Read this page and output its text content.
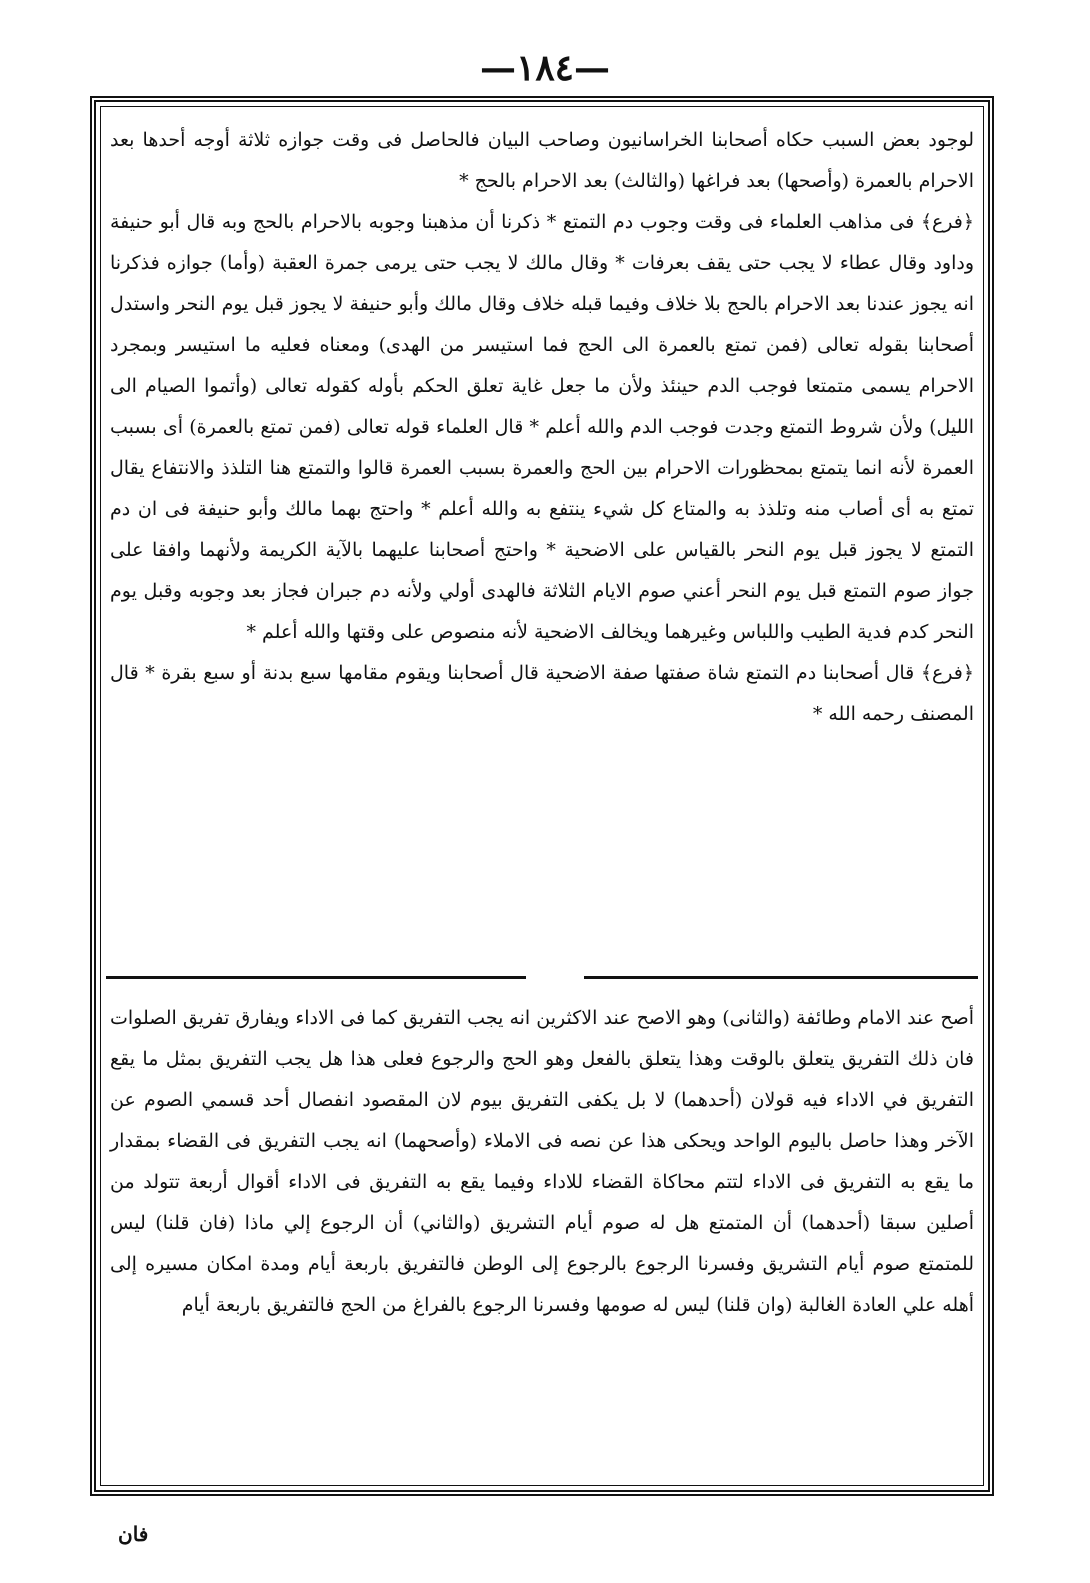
—١٨٤—

لوجود بعض السبب حكاه أصحابنا الخراسانيون وصاحب البيان فالحاصل فى وقت جوازه ثلاثة أوجه أحدها بعد الاحرام بالعمرة (وأصحها) بعد فراغها (والثالث) بعد الاحرام بالحج *

﴿فرع﴾ فى مذاهب العلماء فى وقت وجوب دم التمتع * ذكرنا أن مذهبنا وجوبه بالاحرام بالحج وبه قال أبو حنيفة وداود وقال عطاء لا يجب حتى يقف بعرفات * وقال مالك لا يجب حتى يرمى جمرة العقبة (وأما) جوازه فذكرنا انه يجوز عندنا بعد الاحرام بالحج بلا خلاف وفيما قبله خلاف وقال مالك وأبو حنيفة لا يجوز قبل يوم النحر واستدل أصحابنا بقوله تعالى (فمن تمتع بالعمرة الى الحج فما استيسر من الهدى) ومعناه فعليه ما استيسر وبمجرد الاحرام يسمى متمتعا فوجب الدم حينئذ ولأن ما جعل غاية تعلق الحكم بأوله كقوله تعالى (وأتموا الصيام الى الليل) ولأن شروط التمتع وجدت فوجب الدم والله أعلم * قال العلماء قوله تعالى (فمن تمتع بالعمرة) أى بسبب العمرة لأنه انما يتمتع بمحظورات الاحرام بين الحج والعمرة بسبب العمرة قالوا والتمتع هنا التلذذ والانتفاع يقال تمتع به أى أصاب منه وتلذذ به والمتاع كل شيء ينتفع به والله أعلم * واحتج بهما مالك وأبو حنيفة فى ان دم التمتع لا يجوز قبل يوم النحر بالقياس على الاضحية * واحتج أصحابنا عليهما بالآية الكريمة ولأنهما وافقا على جواز صوم التمتع قبل يوم النحر أعني صوم الايام الثلاثة فالهدى أولي ولأنه دم جبران فجاز بعد وجوبه وقبل يوم النحر كدم فدية الطيب واللباس وغيرهما ويخالف الاضحية لأنه منصوص على وقتها والله أعلم *

﴿فرع﴾ قال أصحابنا دم التمتع شاة صفتها صفة الاضحية قال أصحابنا ويقوم مقامها سبع بدنة أو سبع بقرة * قال المصنف رحمه الله *

أصح عند الامام وطائفة (والثانى) وهو الاصح عند الاكثرين انه يجب التفريق كما فى الاداء ويفارق تفريق الصلوات فان ذلك التفريق يتعلق بالوقت وهذا يتعلق بالفعل وهو الحج والرجوع فعلى هذا هل يجب التفريق بمثل ما يقع التفريق في الاداء فيه قولان (أحدهما) لا بل يكفى التفريق بيوم لان المقصود انفصال أحد قسمي الصوم عن الآخر وهذا حاصل باليوم الواحد ويحكى هذا عن نصه فى الاملاء (وأصحهما) انه يجب التفريق فى القضاء بمقدار ما يقع به التفريق فى الاداء لتتم محاكاة القضاء للاداء وفيما يقع به التفريق فى الاداء أقوال أربعة تتولد من أصلين سبقا (أحدهما) أن المتمتع هل له صوم أيام التشريق (والثاني) أن الرجوع إلي ماذا (فان قلنا) ليس للمتمتع صوم أيام التشريق وفسرنا الرجوع بالرجوع إلى الوطن فالتفريق باربعة أيام ومدة امكان مسيره إلى أهله علي العادة الغالبة (وان قلنا) ليس له صومها وفسرنا الرجوع بالفراغ من الحج فالتفريق باربعة أيام

فان
